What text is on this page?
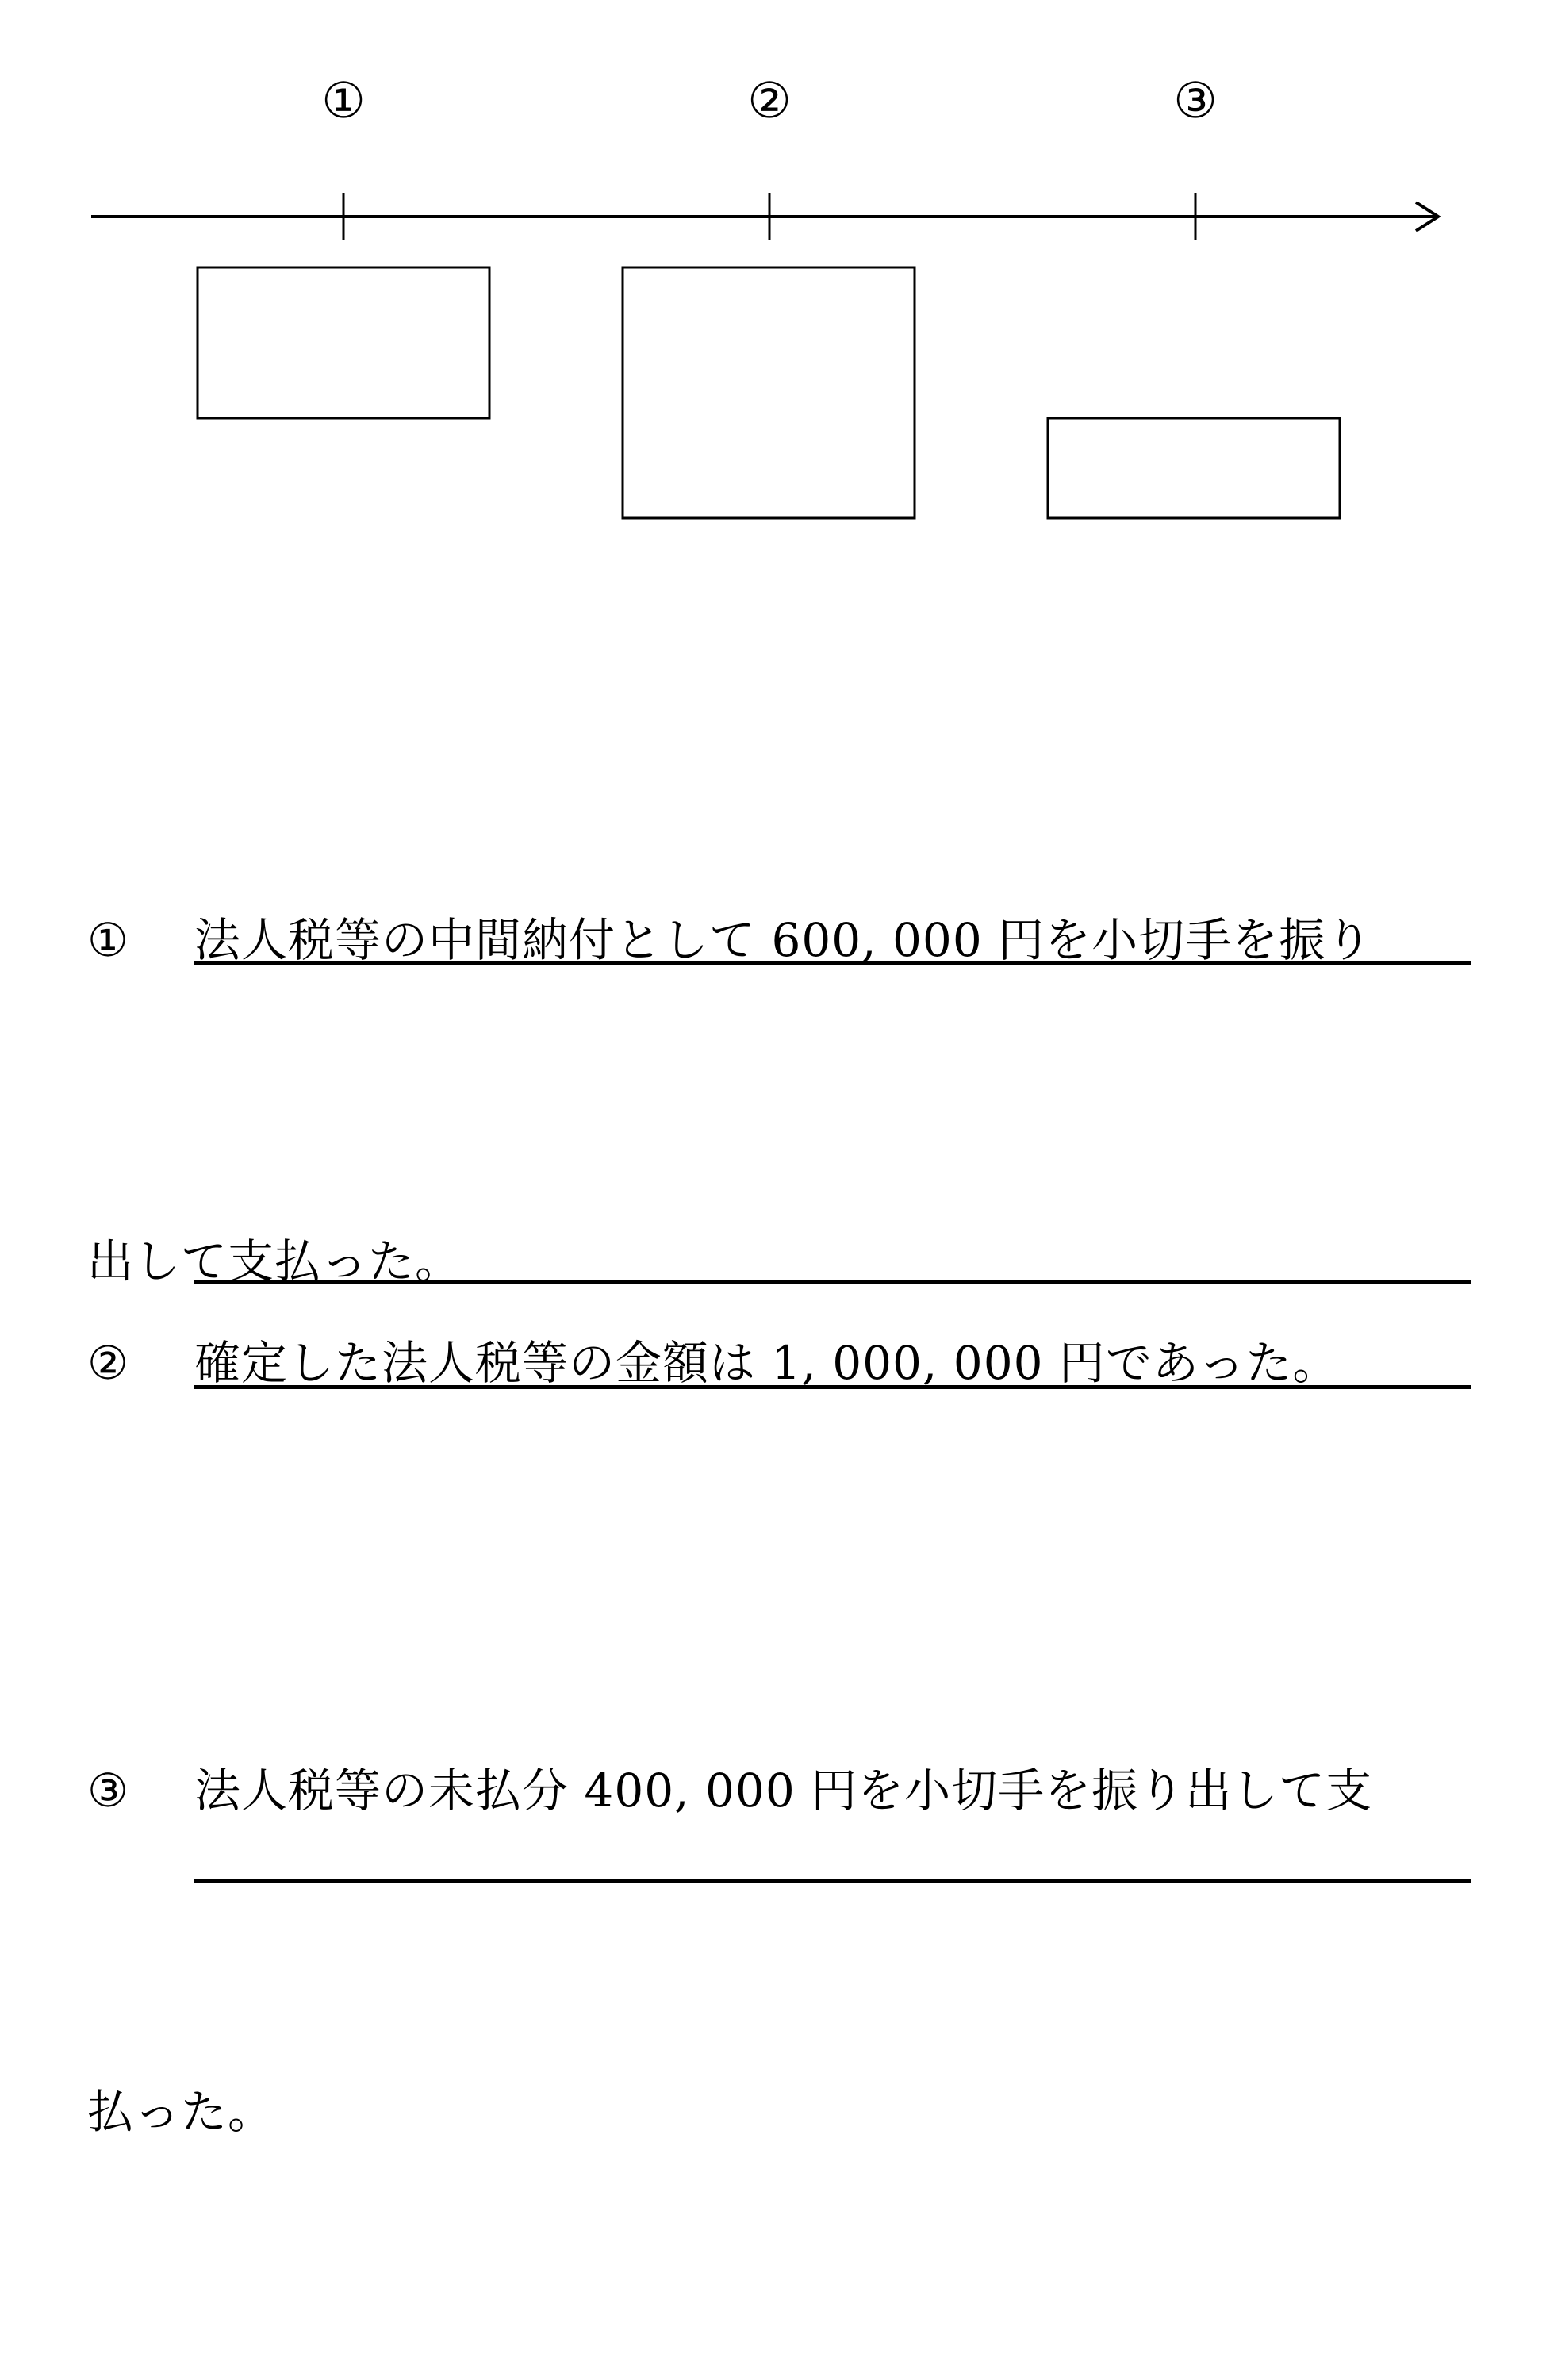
①	②	③

① 法人税等の中間納付として 600, 000 円を小切手を振り

出して支払った。

② 確定した法人税等の金額は 1, 000, 000 円であった。

③ 法人税等の未払分 400, 000 円を小切手を振り出して支

払った。
